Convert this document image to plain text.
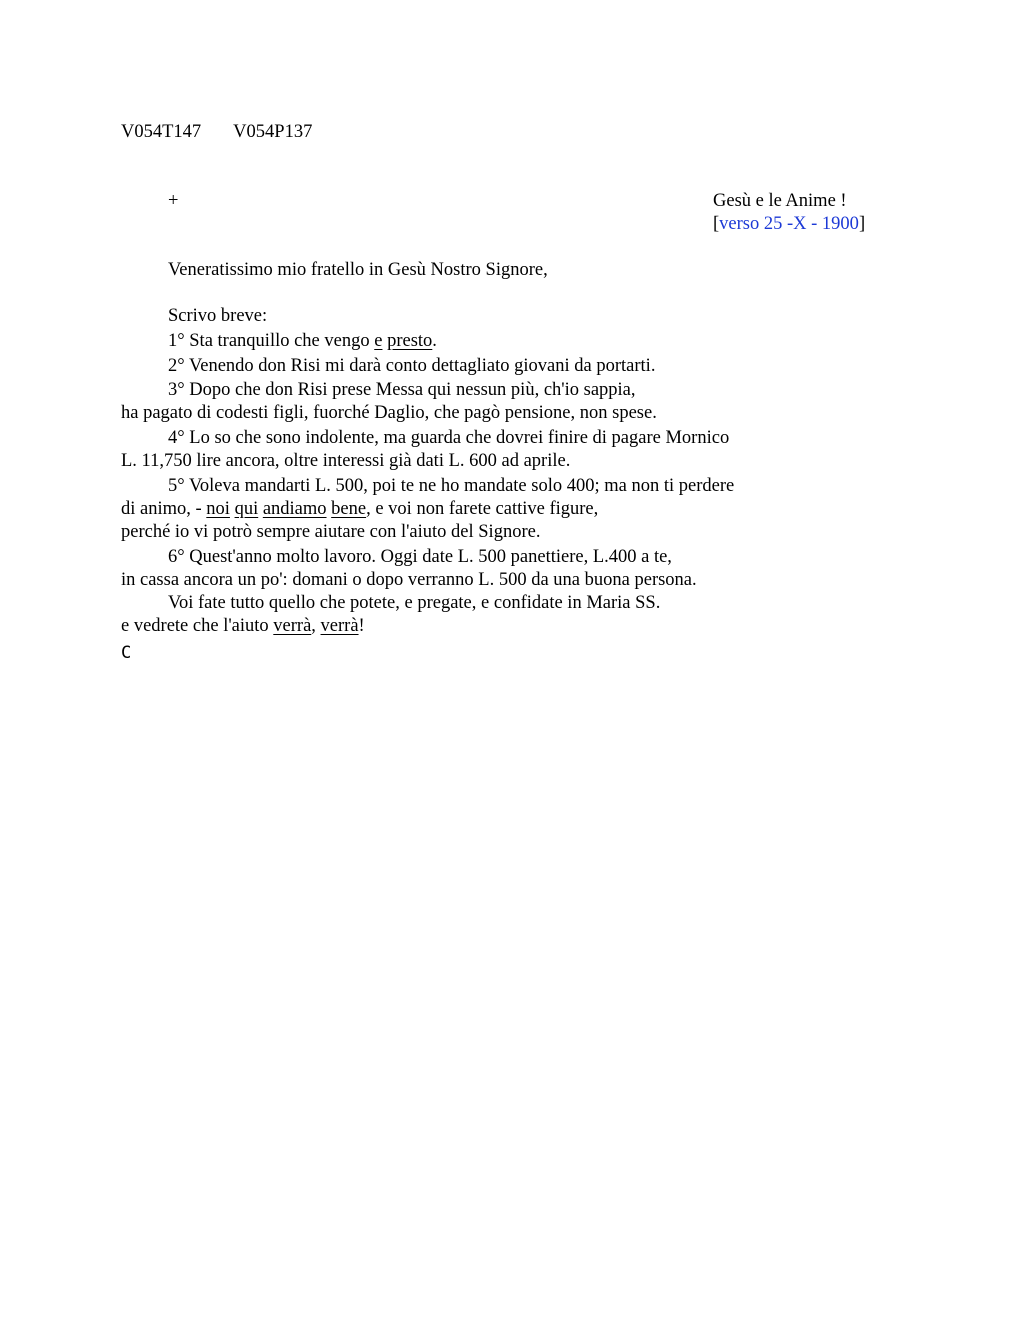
V054T147 V054P137
+	Gesù e le Anime !
[verso 25 -X - 1900]
Veneratissimo mio fratello in Gesù Nostro Signore,
Scrivo breve:
1° Sta tranquillo che vengo e presto.
2° Venendo don Risi mi darà conto dettagliato giovani da portarti.
3° Dopo che don Risi prese Messa qui nessun più, ch'io sappia,
ha pagato di codesti figli, fuorché Daglio, che pagò pensione, non spese.
4° Lo so che sono indolente, ma guarda che dovrei finire di pagare Mornico
L. 11,750 lire ancora, oltre interessi già dati L. 600 ad aprile.
5° Voleva mandarti L. 500, poi te ne ho mandate solo 400; ma non ti perdere
di animo, - noi qui andiamo bene, e voi non farete cattive figure,
perché io vi potrò sempre aiutare con l'aiuto del Signore.
6° Quest'anno molto lavoro. Oggi date L. 500 panettiere, L.400 a te,
in cassa ancora un po': domani o dopo verranno L. 500 da una buona persona.
Voi fate tutto quello che potete, e pregate, e confidate in Maria SS.
e vedrete che l'aiuto verrà, verrà!
C
